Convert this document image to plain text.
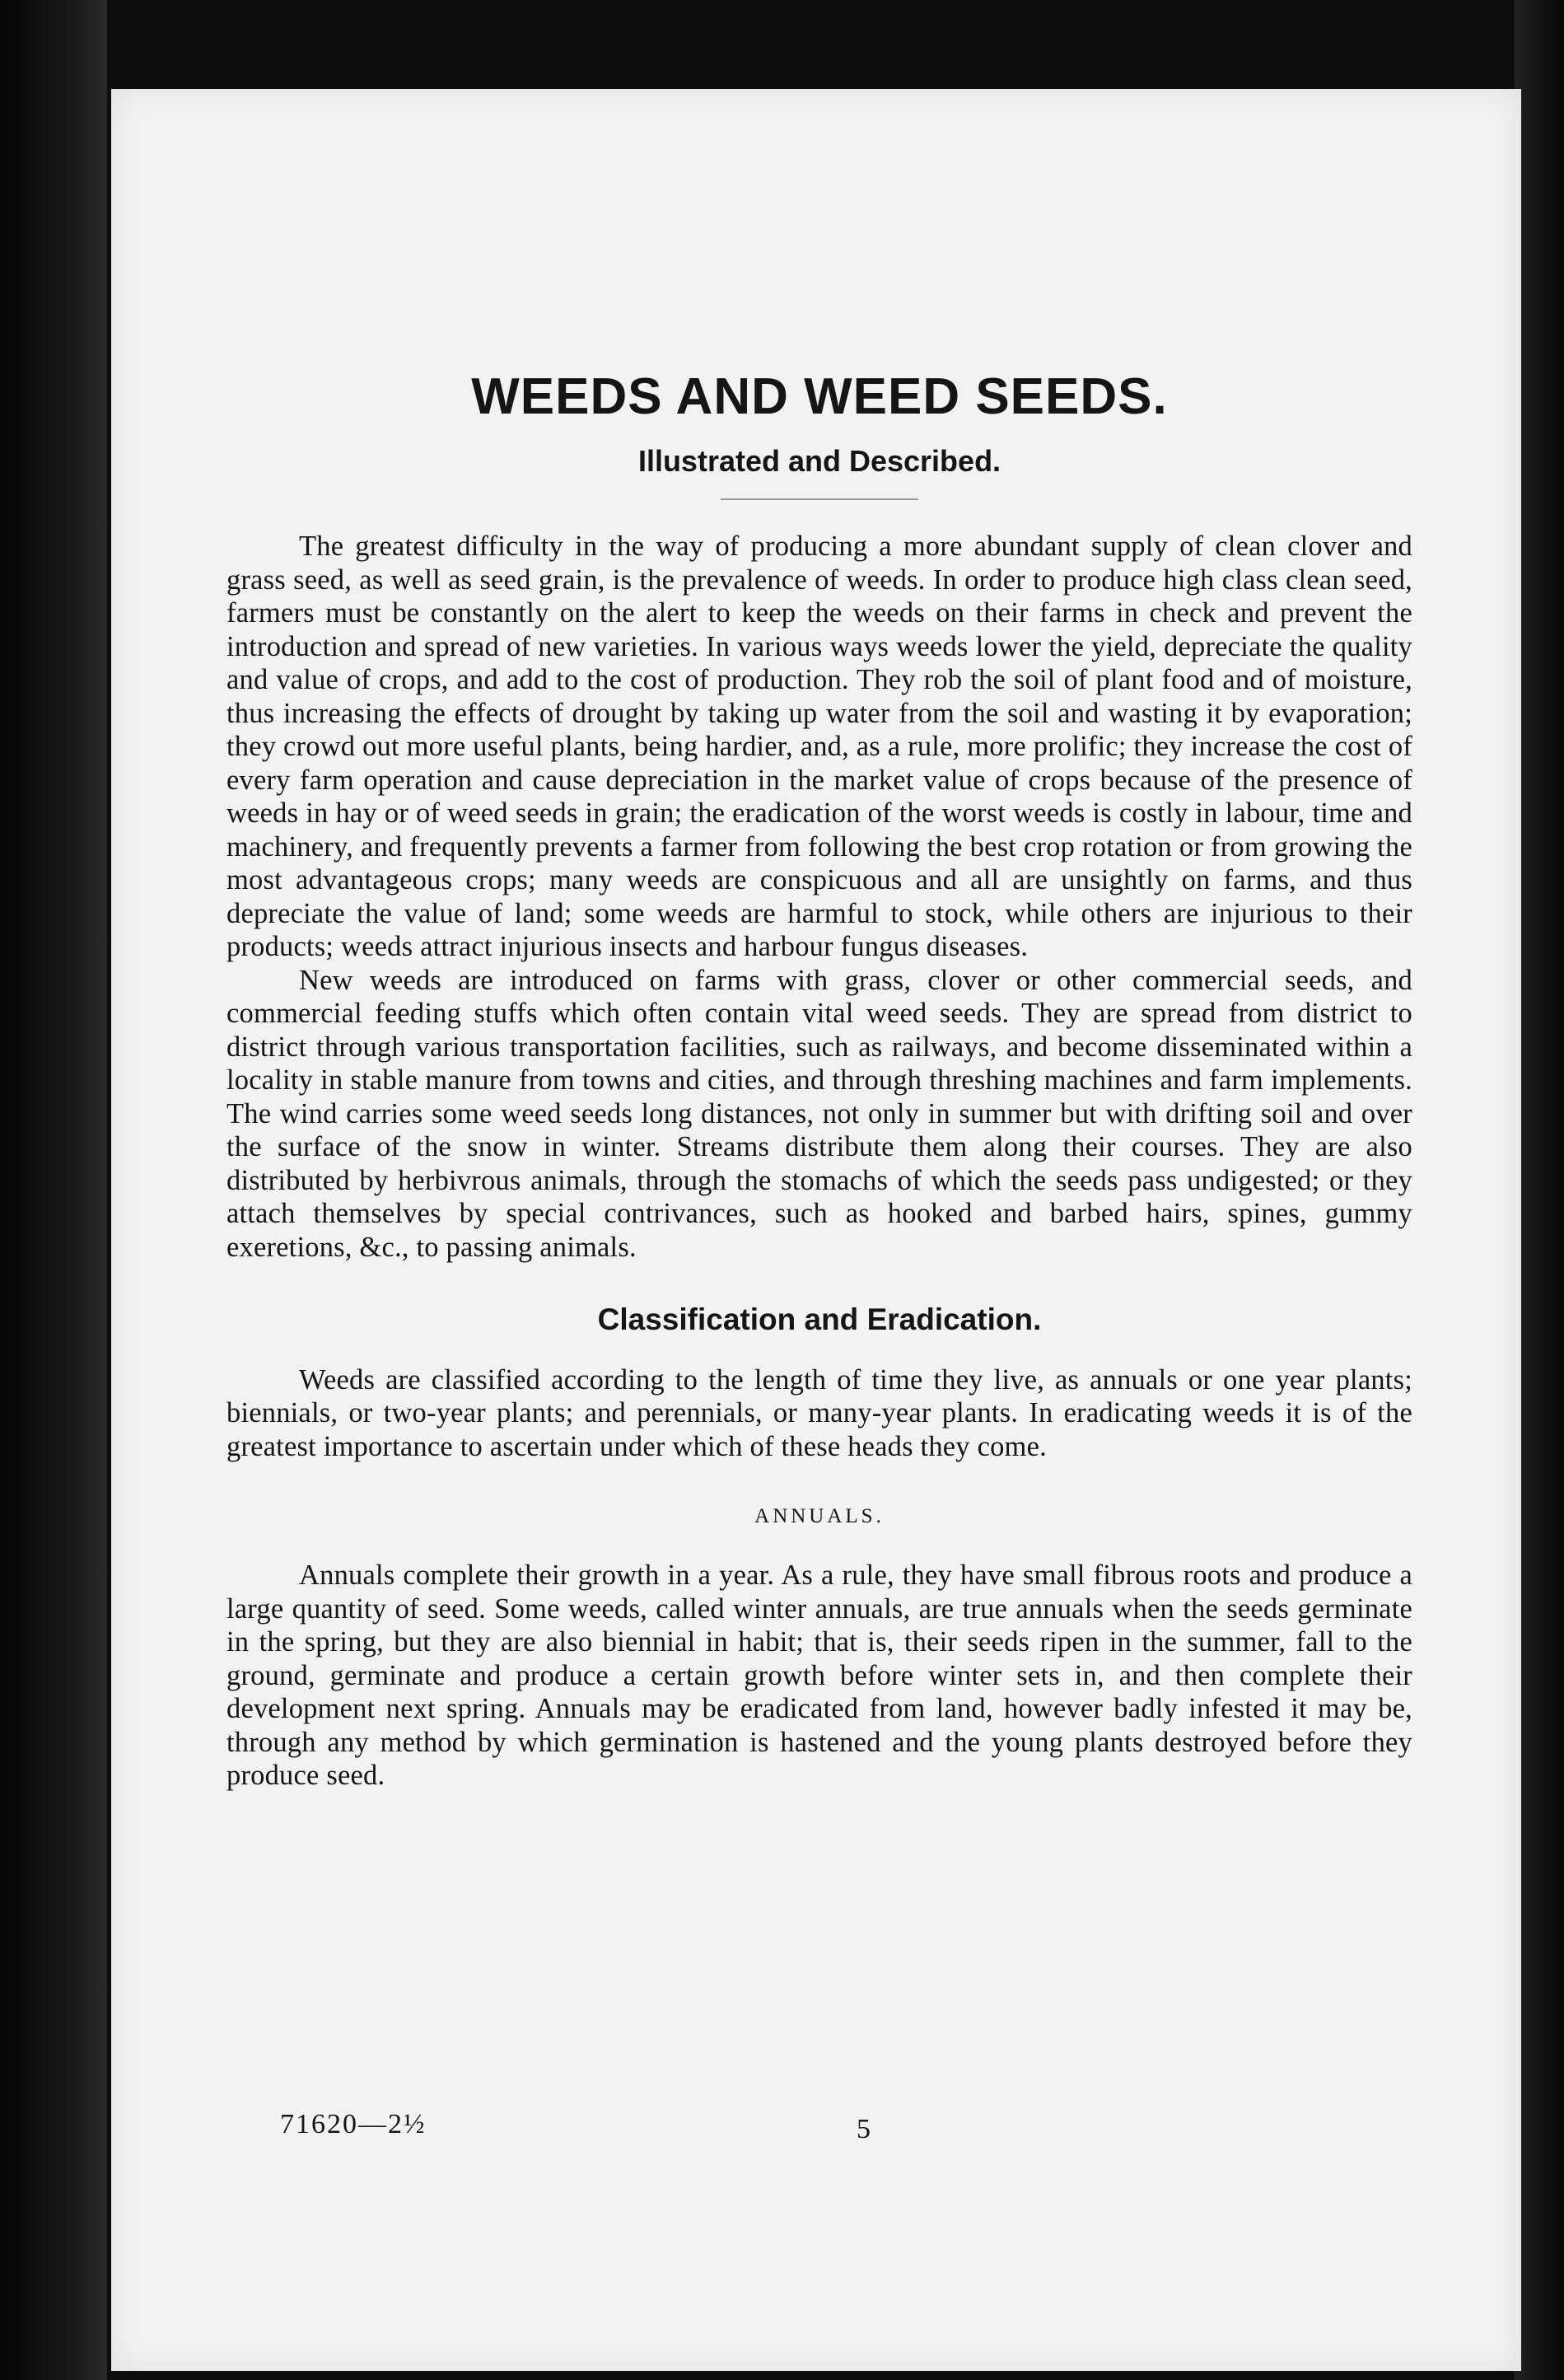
WEEDS AND WEED SEEDS.
Illustrated and Described.

The greatest difficulty in the way of producing a more abundant supply of clean clover and grass seed, as well as seed grain, is the prevalence of weeds. In order to produce high class clean seed, farmers must be constantly on the alert to keep the weeds on their farms in check and prevent the introduction and spread of new varieties. In various ways weeds lower the yield, depreciate the quality and value of crops, and add to the cost of production. They rob the soil of plant food and of moisture, thus increasing the effects of drought by taking up water from the soil and wasting it by evaporation; they crowd out more useful plants, being hardier, and, as a rule, more prolific; they increase the cost of every farm operation and cause depreciation in the market value of crops because of the presence of weeds in hay or of weed seeds in grain; the eradication of the worst weeds is costly in labour, time and machinery, and frequently prevents a farmer from following the best crop rotation or from growing the most advantageous crops; many weeds are conspicuous and all are unsightly on farms, and thus depreciate the value of land; some weeds are harmful to stock, while others are injurious to their products; weeds attract injurious insects and harbour fungus diseases.

New weeds are introduced on farms with grass, clover or other commercial seeds, and commercial feeding stuffs which often contain vital weed seeds. They are spread from district to district through various transportation facilities, such as railways, and become disseminated within a locality in stable manure from towns and cities, and through threshing machines and farm implements. The wind carries some weed seeds long distances, not only in summer but with drifting soil and over the surface of the snow in winter. Streams distribute them along their courses. They are also distributed by herbivrous animals, through the stomachs of which the seeds pass undigested; or they attach themselves by special contrivances, such as hooked and barbed hairs, spines, gummy exeretions, &c., to passing animals.

Classification and Eradication.

Weeds are classified according to the length of time they live, as annuals or one year plants; biennials, or two-year plants; and perennials, or many-year plants. In eradicating weeds it is of the greatest importance to ascertain under which of these heads they come.

ANNUALS.

Annuals complete their growth in a year. As a rule, they have small fibrous roots and produce a large quantity of seed. Some weeds, called winter annuals, are true annuals when the seeds germinate in the spring, but they are also biennial in habit; that is, their seeds ripen in the summer, fall to the ground, germinate and produce a certain growth before winter sets in, and then complete their development next spring. Annuals may be eradicated from land, however badly infested it may be, through any method by which germination is hastened and the young plants destroyed before they produce seed.

71620—2½	5
